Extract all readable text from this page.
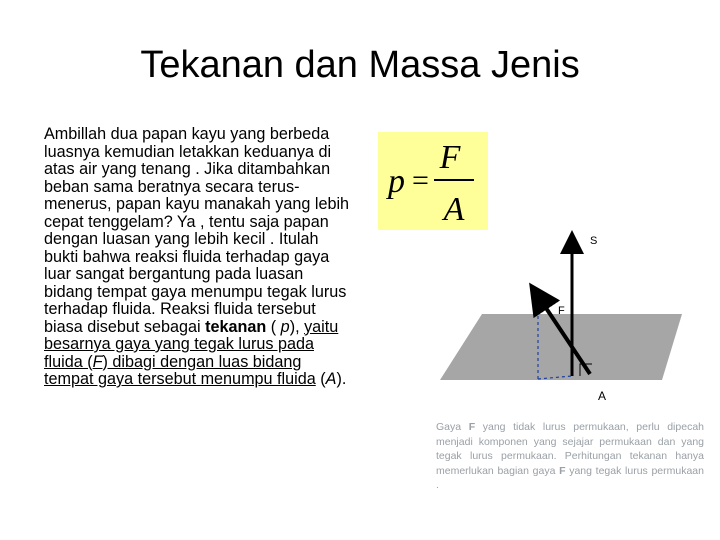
Tekanan dan Massa Jenis
Ambillah dua papan kayu yang berbeda luasnya kemudian letakkan keduanya di atas air yang tenang . Jika ditambahkan beban sama beratnya secara terus-menerus, papan kayu manakah yang lebih cepat tenggelam? Ya , tentu saja papan dengan luasan yang lebih kecil . Itulah bukti bahwa reaksi fluida terhadap gaya luar sangat bergantung pada luasan bidang tempat gaya menumpu tegak lurus terhadap fluida. Reaksi fluida tersebut biasa disebut sebagai tekanan ( p), yaitu besarnya gaya yang tegak lurus pada fluida (F) dibagi dengan luas bidang tempat gaya tersebut menumpu fluida (A).
p =
F
A
S
F
A
Gaya F yang tidak lurus permukaan, perlu dipecah menjadi komponen yang sejajar permukaan dan yang tegak lurus permukaan. Perhitungan tekanan hanya memerlukan bagian gaya F yang tegak lurus permukaan .
